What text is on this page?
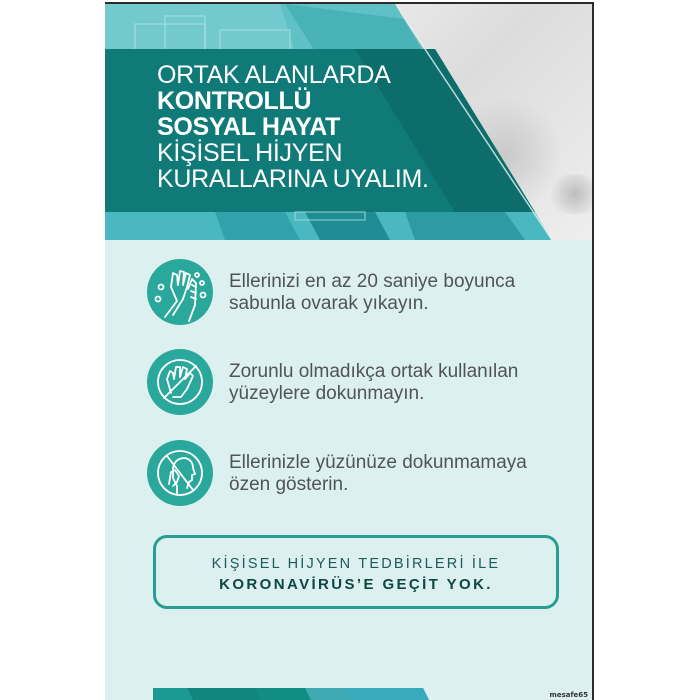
ORTAK ALANLARDA
KONTROLLÜ
SOSYAL HAYAT
KİŞİSEL HİJYEN
KURALLARINA UYALIM.
Ellerinizi en az 20 saniye boyunca
sabunla ovarak yıkayın.
Zorunlu olmadıkça ortak kullanılan
yüzeylere dokunmayın.
Ellerinizle yüzünüze dokunmamaya
özen gösterin.
KİŞİSEL HİJYEN TEDBİRLERİ İLE
KORONAVİRÜS’E GEÇİT YOK.
mesafe65
